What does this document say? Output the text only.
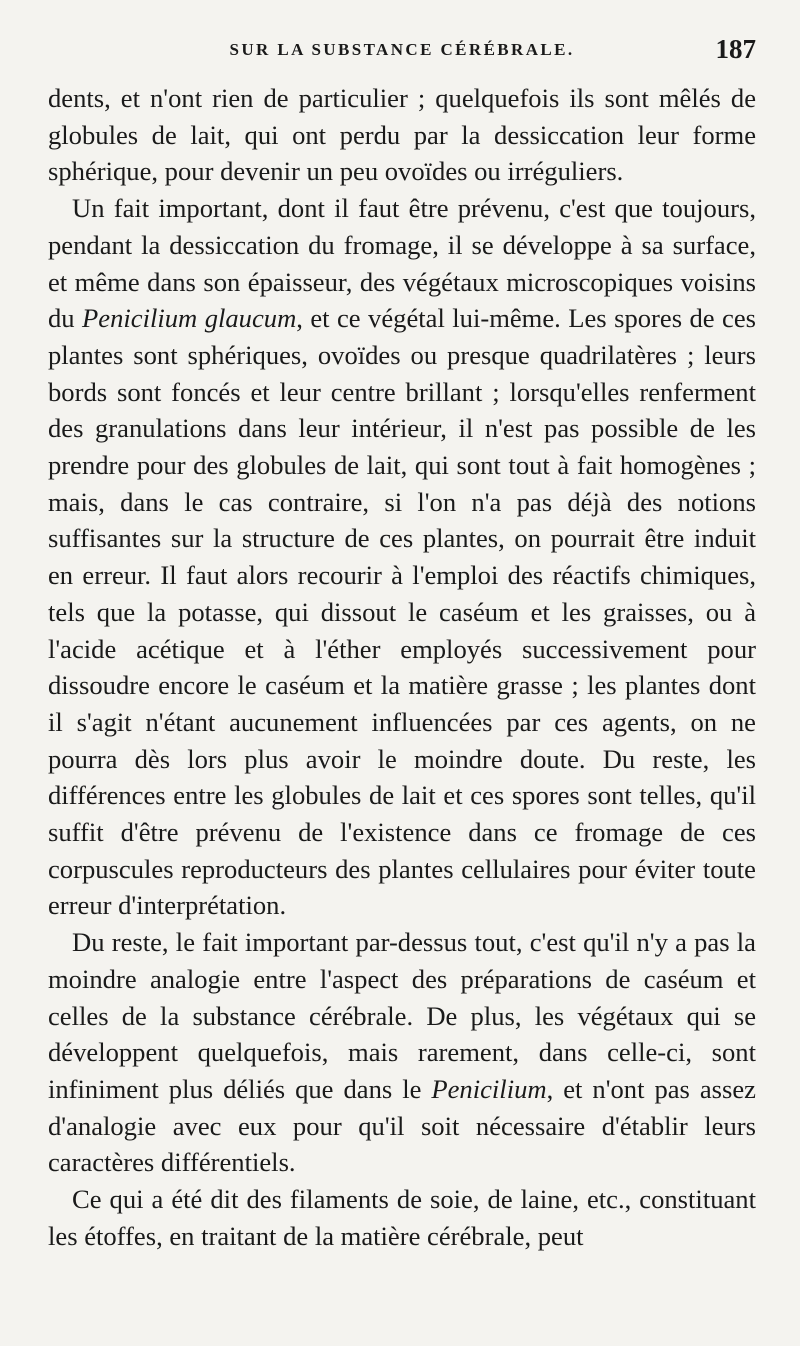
SUR LA SUBSTANCE CÉRÉBRALE.	187

dents, et n'ont rien de particulier ; quelquefois ils sont mêlés de globules de lait, qui ont perdu par la dessiccation leur forme sphérique, pour devenir un peu ovoïdes ou irréguliers.

Un fait important, dont il faut être prévenu, c'est que toujours, pendant la dessiccation du fromage, il se développe à sa surface, et même dans son épaisseur, des végétaux microscopiques voisins du Penicilium glaucum, et ce végétal lui-même. Les spores de ces plantes sont sphériques, ovoïdes ou presque quadrilatères ; leurs bords sont foncés et leur centre brillant ; lorsqu'elles renferment des granulations dans leur intérieur, il n'est pas possible de les prendre pour des globules de lait, qui sont tout à fait homogènes ; mais, dans le cas contraire, si l'on n'a pas déjà des notions suffisantes sur la structure de ces plantes, on pourrait être induit en erreur. Il faut alors recourir à l'emploi des réactifs chimiques, tels que la potasse, qui dissout le caséum et les graisses, ou à l'acide acétique et à l'éther employés successivement pour dissoudre encore le caséum et la matière grasse ; les plantes dont il s'agit n'étant aucunement influencées par ces agents, on ne pourra dès lors plus avoir le moindre doute. Du reste, les différences entre les globules de lait et ces spores sont telles, qu'il suffit d'être prévenu de l'existence dans ce fromage de ces corpuscules reproducteurs des plantes cellulaires pour éviter toute erreur d'interprétation.

Du reste, le fait important par-dessus tout, c'est qu'il n'y a pas la moindre analogie entre l'aspect des préparations de caséum et celles de la substance cérébrale. De plus, les végétaux qui se développent quelquefois, mais rarement, dans celle-ci, sont infiniment plus déliés que dans le Penicilium, et n'ont pas assez d'analogie avec eux pour qu'il soit nécessaire d'établir leurs caractères différentiels.

Ce qui a été dit des filaments de soie, de laine, etc., constituant les étoffes, en traitant de la matière cérébrale, peut
